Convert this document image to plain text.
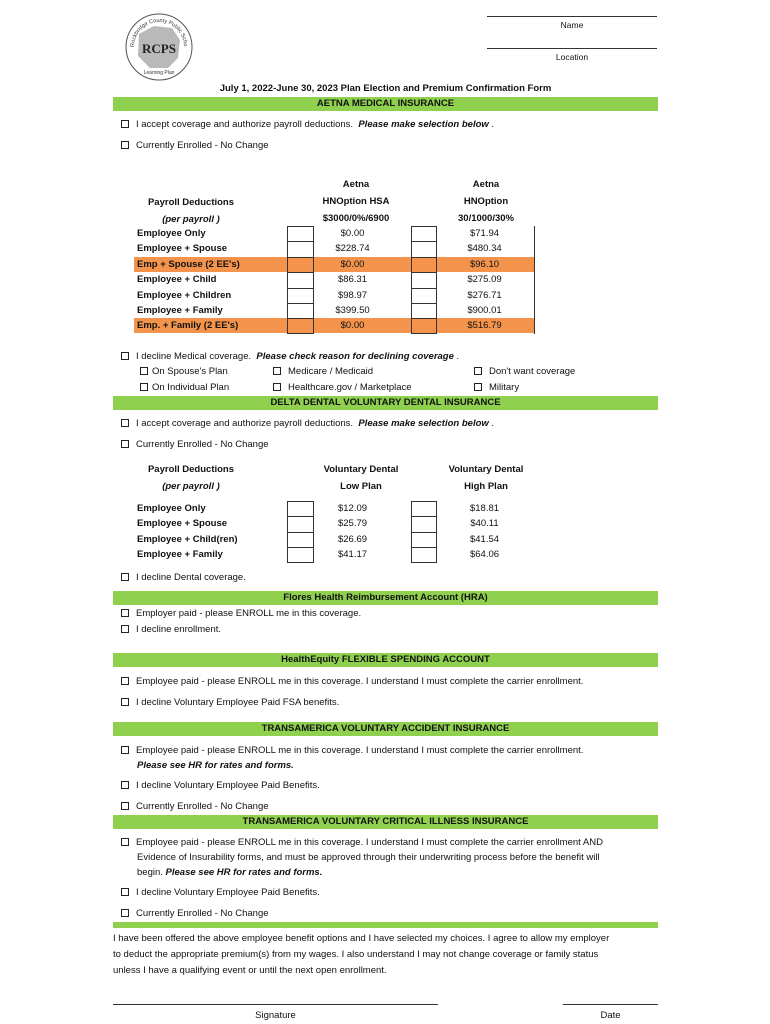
Rockbridge County Public Scho
RCPS
Learning Plan
Name
Location
July 1, 2022-June 30, 2023 Plan Election and Premium Confirmation Form
AETNA MEDICAL INSURANCE
I accept coverage and authorize payroll deductions. Please make selection below .
Currently Enrolled - No Change
Payroll Deductions
(per payroll )
Aetna
HNOption HSA
$3000/0%/6900
Aetna
HNOption
30/1000/30%
Employee Only	$0.00	$71.94
Employee + Spouse	$228.74	$480.34
Emp + Spouse (2 EE's)	$0.00	$96.10
Employee + Child	$86.31	$275.09
Employee + Children	$98.97	$276.71
Employee + Family	$399.50	$900.01
Emp. + Family (2 EE's)	$0.00	$516.79
I decline Medical coverage. Please check reason for declining coverage .
On Spouse's Plan
On Individual Plan
Medicare / Medicaid
Healthcare.gov / Marketplace
Don't want coverage
Military
DELTA DENTAL VOLUNTARY DENTAL INSURANCE
I accept coverage and authorize payroll deductions. Please make selection below .
Currently Enrolled - No Change
Payroll Deductions
(per payroll )
Voluntary Dental
Low Plan
Voluntary Dental
High Plan
Employee Only	$12.09	$18.81
Employee + Spouse	$25.79	$40.11
Employee + Child(ren)	$26.69	$41.54
Employee + Family	$41.17	$64.06
I decline Dental coverage.
Flores Health Reimbursement Account (HRA)
Employer paid - please ENROLL me in this coverage.
I decline enrollment.
HealthEquity FLEXIBLE SPENDING ACCOUNT
Employee paid - please ENROLL me in this coverage. I understand I must complete the carrier enrollment.
I decline Voluntary Employee Paid FSA benefits.
TRANSAMERICA VOLUNTARY ACCIDENT INSURANCE
Employee paid - please ENROLL me in this coverage. I understand I must complete the carrier enrollment.
Please see HR for rates and forms.
I decline Voluntary Employee Paid Benefits.
Currently Enrolled - No Change
TRANSAMERICA VOLUNTARY CRITICAL ILLNESS INSURANCE
Employee paid - please ENROLL me in this coverage. I understand I must complete the carrier enrollment AND
Evidence of Insurability forms, and must be approved through their underwriting process before the benefit will
begin. Please see HR for rates and forms.
I decline Voluntary Employee Paid Benefits.
Currently Enrolled - No Change
I have been offered the above employee benefit options and I have selected my choices. I agree to allow my employer
to deduct the appropriate premium(s) from my wages. I also understand I may not change coverage or family status
unless I have a qualifying event or until the next open enrollment.
Signature	Date
